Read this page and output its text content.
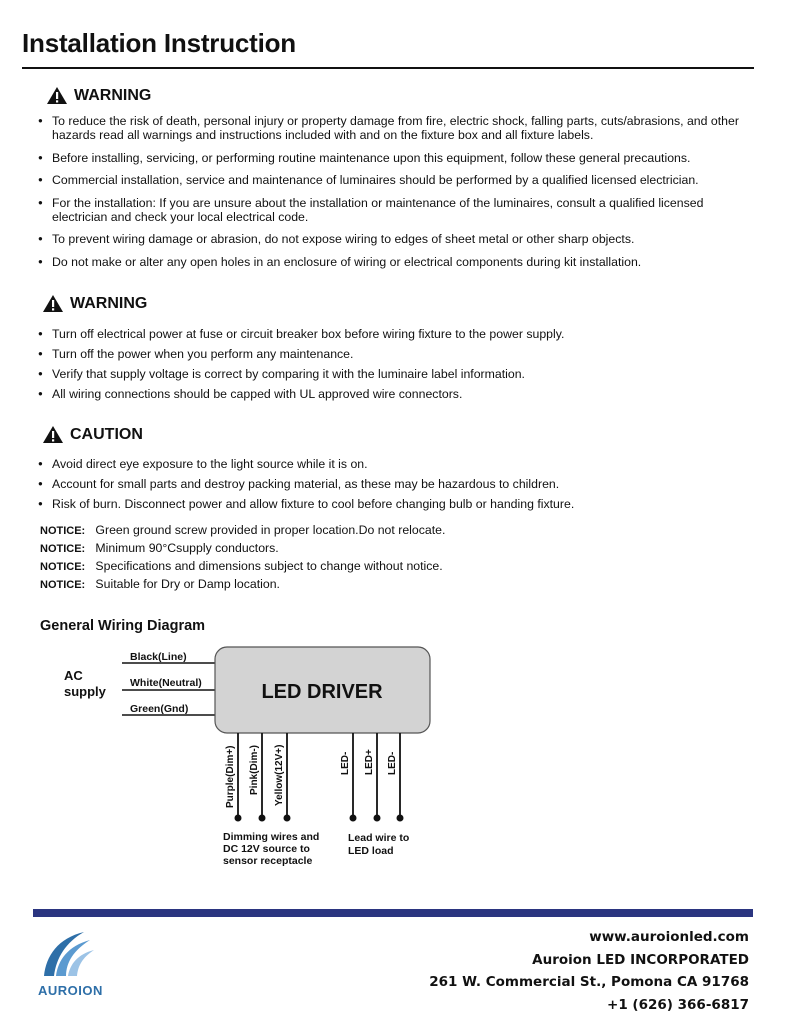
Installation Instruction
WARNING
● To reduce the risk of death, personal injury or property damage from fire, electric shock, falling parts, cuts/abrasions, and other hazards read all warnings and instructions included with and on the fixture box and all fixture labels.
● Before installing, servicing, or performing routine maintenance upon this equipment, follow these general precautions.
● Commercial installation, service and maintenance of luminaires should be performed by a qualified licensed electrician.
● For the installation: If you are unsure about the installation or maintenance of the luminaires, consult a qualified licensed electrician and check your local electrical code.
● To prevent wiring damage or abrasion, do not expose wiring to edges of sheet metal or other sharp objects.
● Do not make or alter any open holes in an enclosure of wiring or electrical components during kit installation.
WARNING
● Turn off electrical power at fuse or circuit breaker box before wiring fixture to the power supply.
● Turn off the power when you perform any maintenance.
● Verify that supply voltage is correct by comparing it with the luminaire label information.
● All wiring connections should be capped with UL approved wire connectors.
CAUTION
● Avoid direct eye exposure to the light source while it is on.
● Account for small parts and destroy packing material, as these may be hazardous to children.
● Risk of burn. Disconnect power and allow fixture to cool before changing bulb or handing fixture.
NOTICE: Green ground screw provided in proper location.Do not relocate.
NOTICE: Minimum 90°Csupply conductors.
NOTICE: Specifications and dimensions subject to change without notice.
NOTICE: Suitable for Dry or Damp location.
General Wiring Diagram
AC
supply
Black(Line)
White(Neutral)
Green(Gnd)
LED DRIVER
Purple(Dim+) Pink(Dim-) Yellow(12V+)	LED- LED+ LED-
Dimming wires and
DC 12V source to
sensor receptacle
Lead wire to
LED load
AUROION
www.auroionled.com
Auroion LED INCORPORATED
261 W. Commercial St., Pomona CA 91768
+1 (626) 366-6817
